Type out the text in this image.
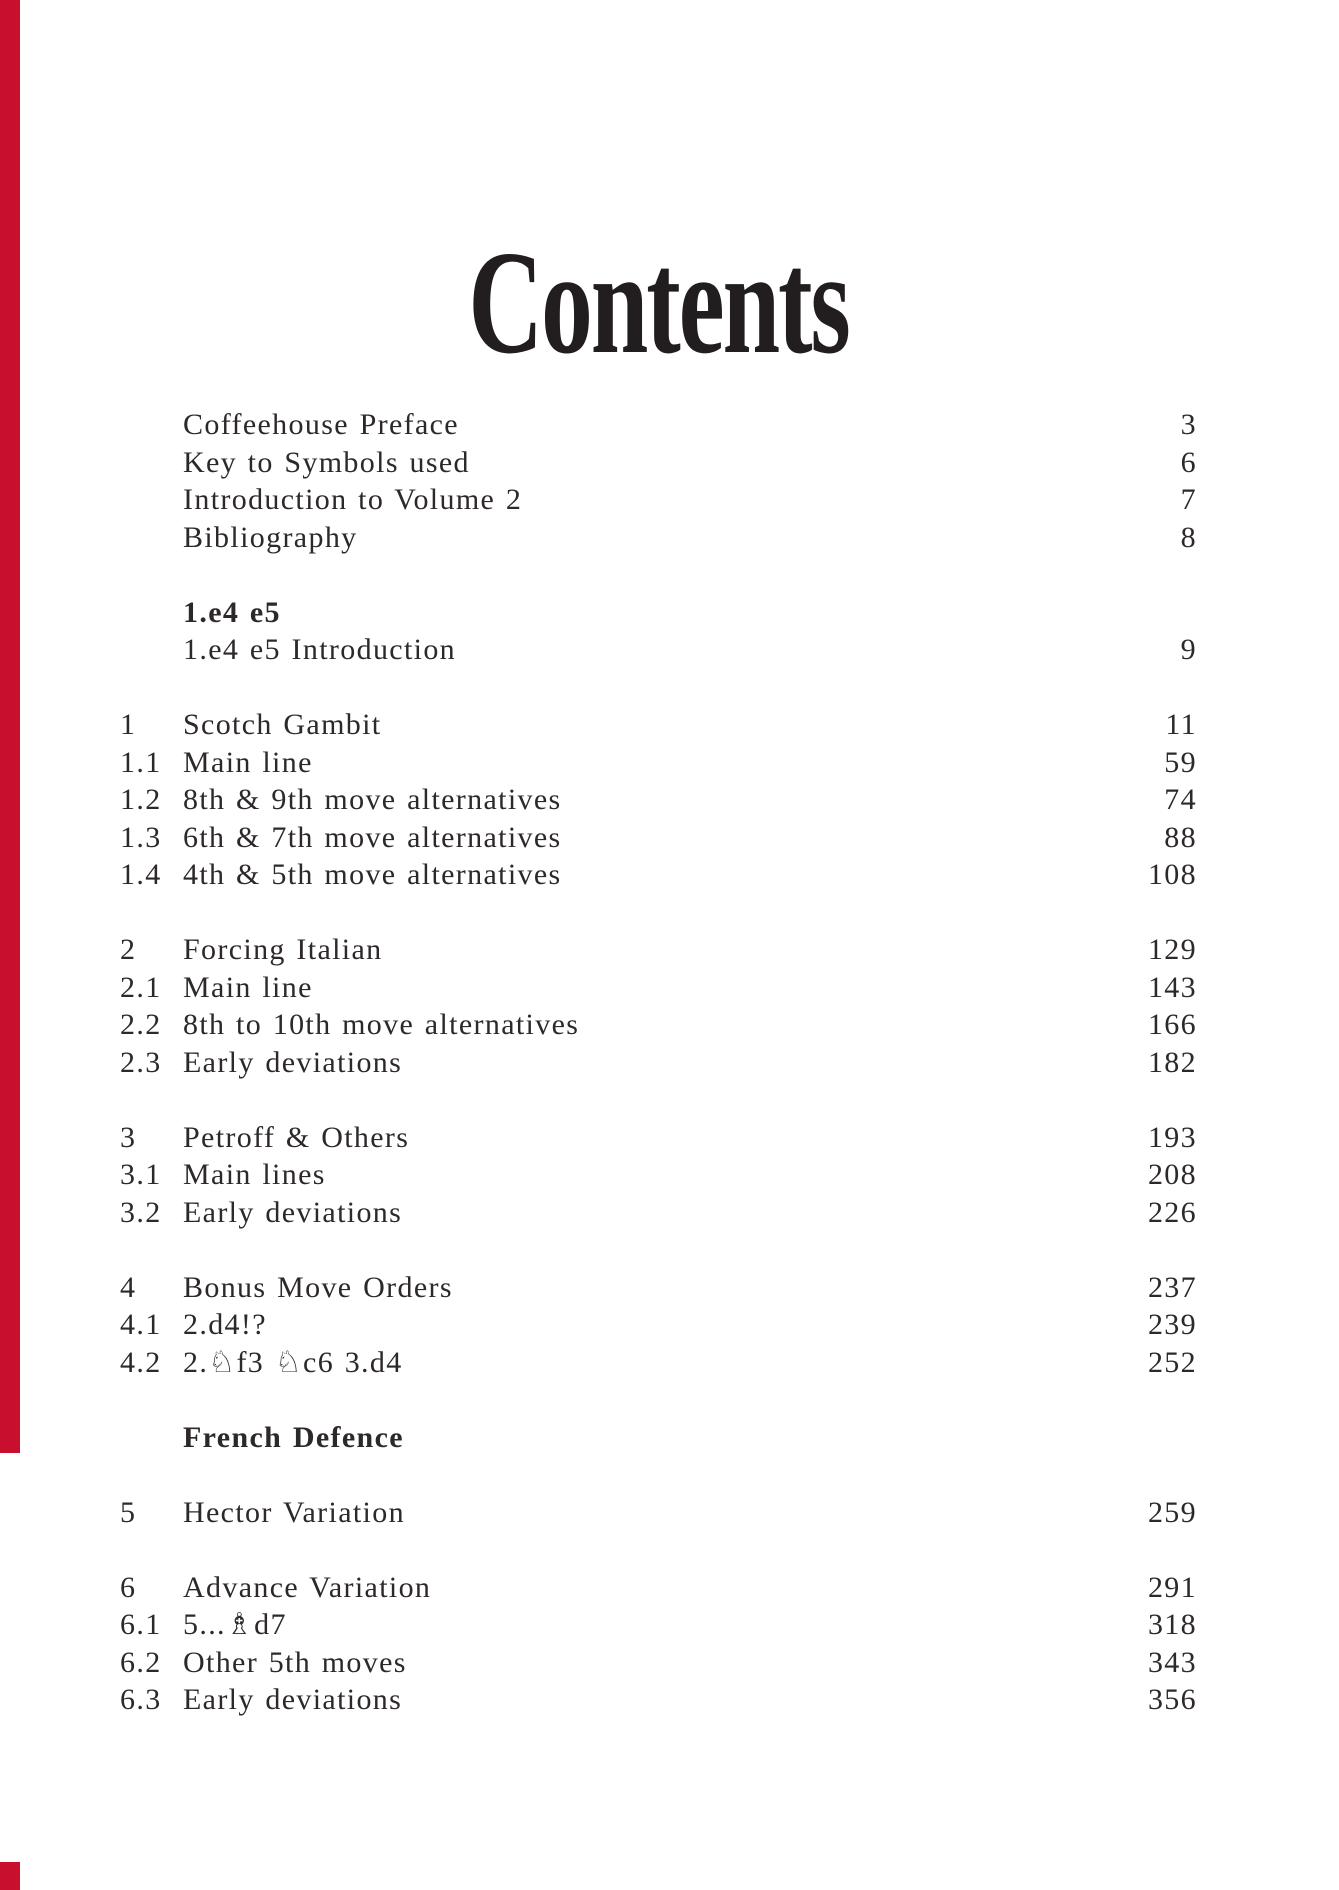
Contents
Coffeehouse Preface	3
Key to Symbols used	6
Introduction to Volume 2	7
Bibliography	8
1.e4 e5
1.e4 e5 Introduction	9
1	Scotch Gambit	11
1.1 Main line	59
1.2 8th & 9th move alternatives	74
1.3 6th & 7th move alternatives	88
1.4 4th & 5th move alternatives	108
2	Forcing Italian	129
2.1 Main line	143
2.2 8th to 10th move alternatives	166
2.3 Early deviations	182
3	Petroff & Others	193
3.1 Main lines	208
3.2 Early deviations	226
4	Bonus Move Orders	237
4.1 2.d4!?	239
4.2 2.♘f3 ♘c6 3.d4	252
French Defence
5	Hector Variation	259
6	Advance Variation	291
6.1 5...♗d7	318
6.2 Other 5th moves	343
6.3 Early deviations	356
